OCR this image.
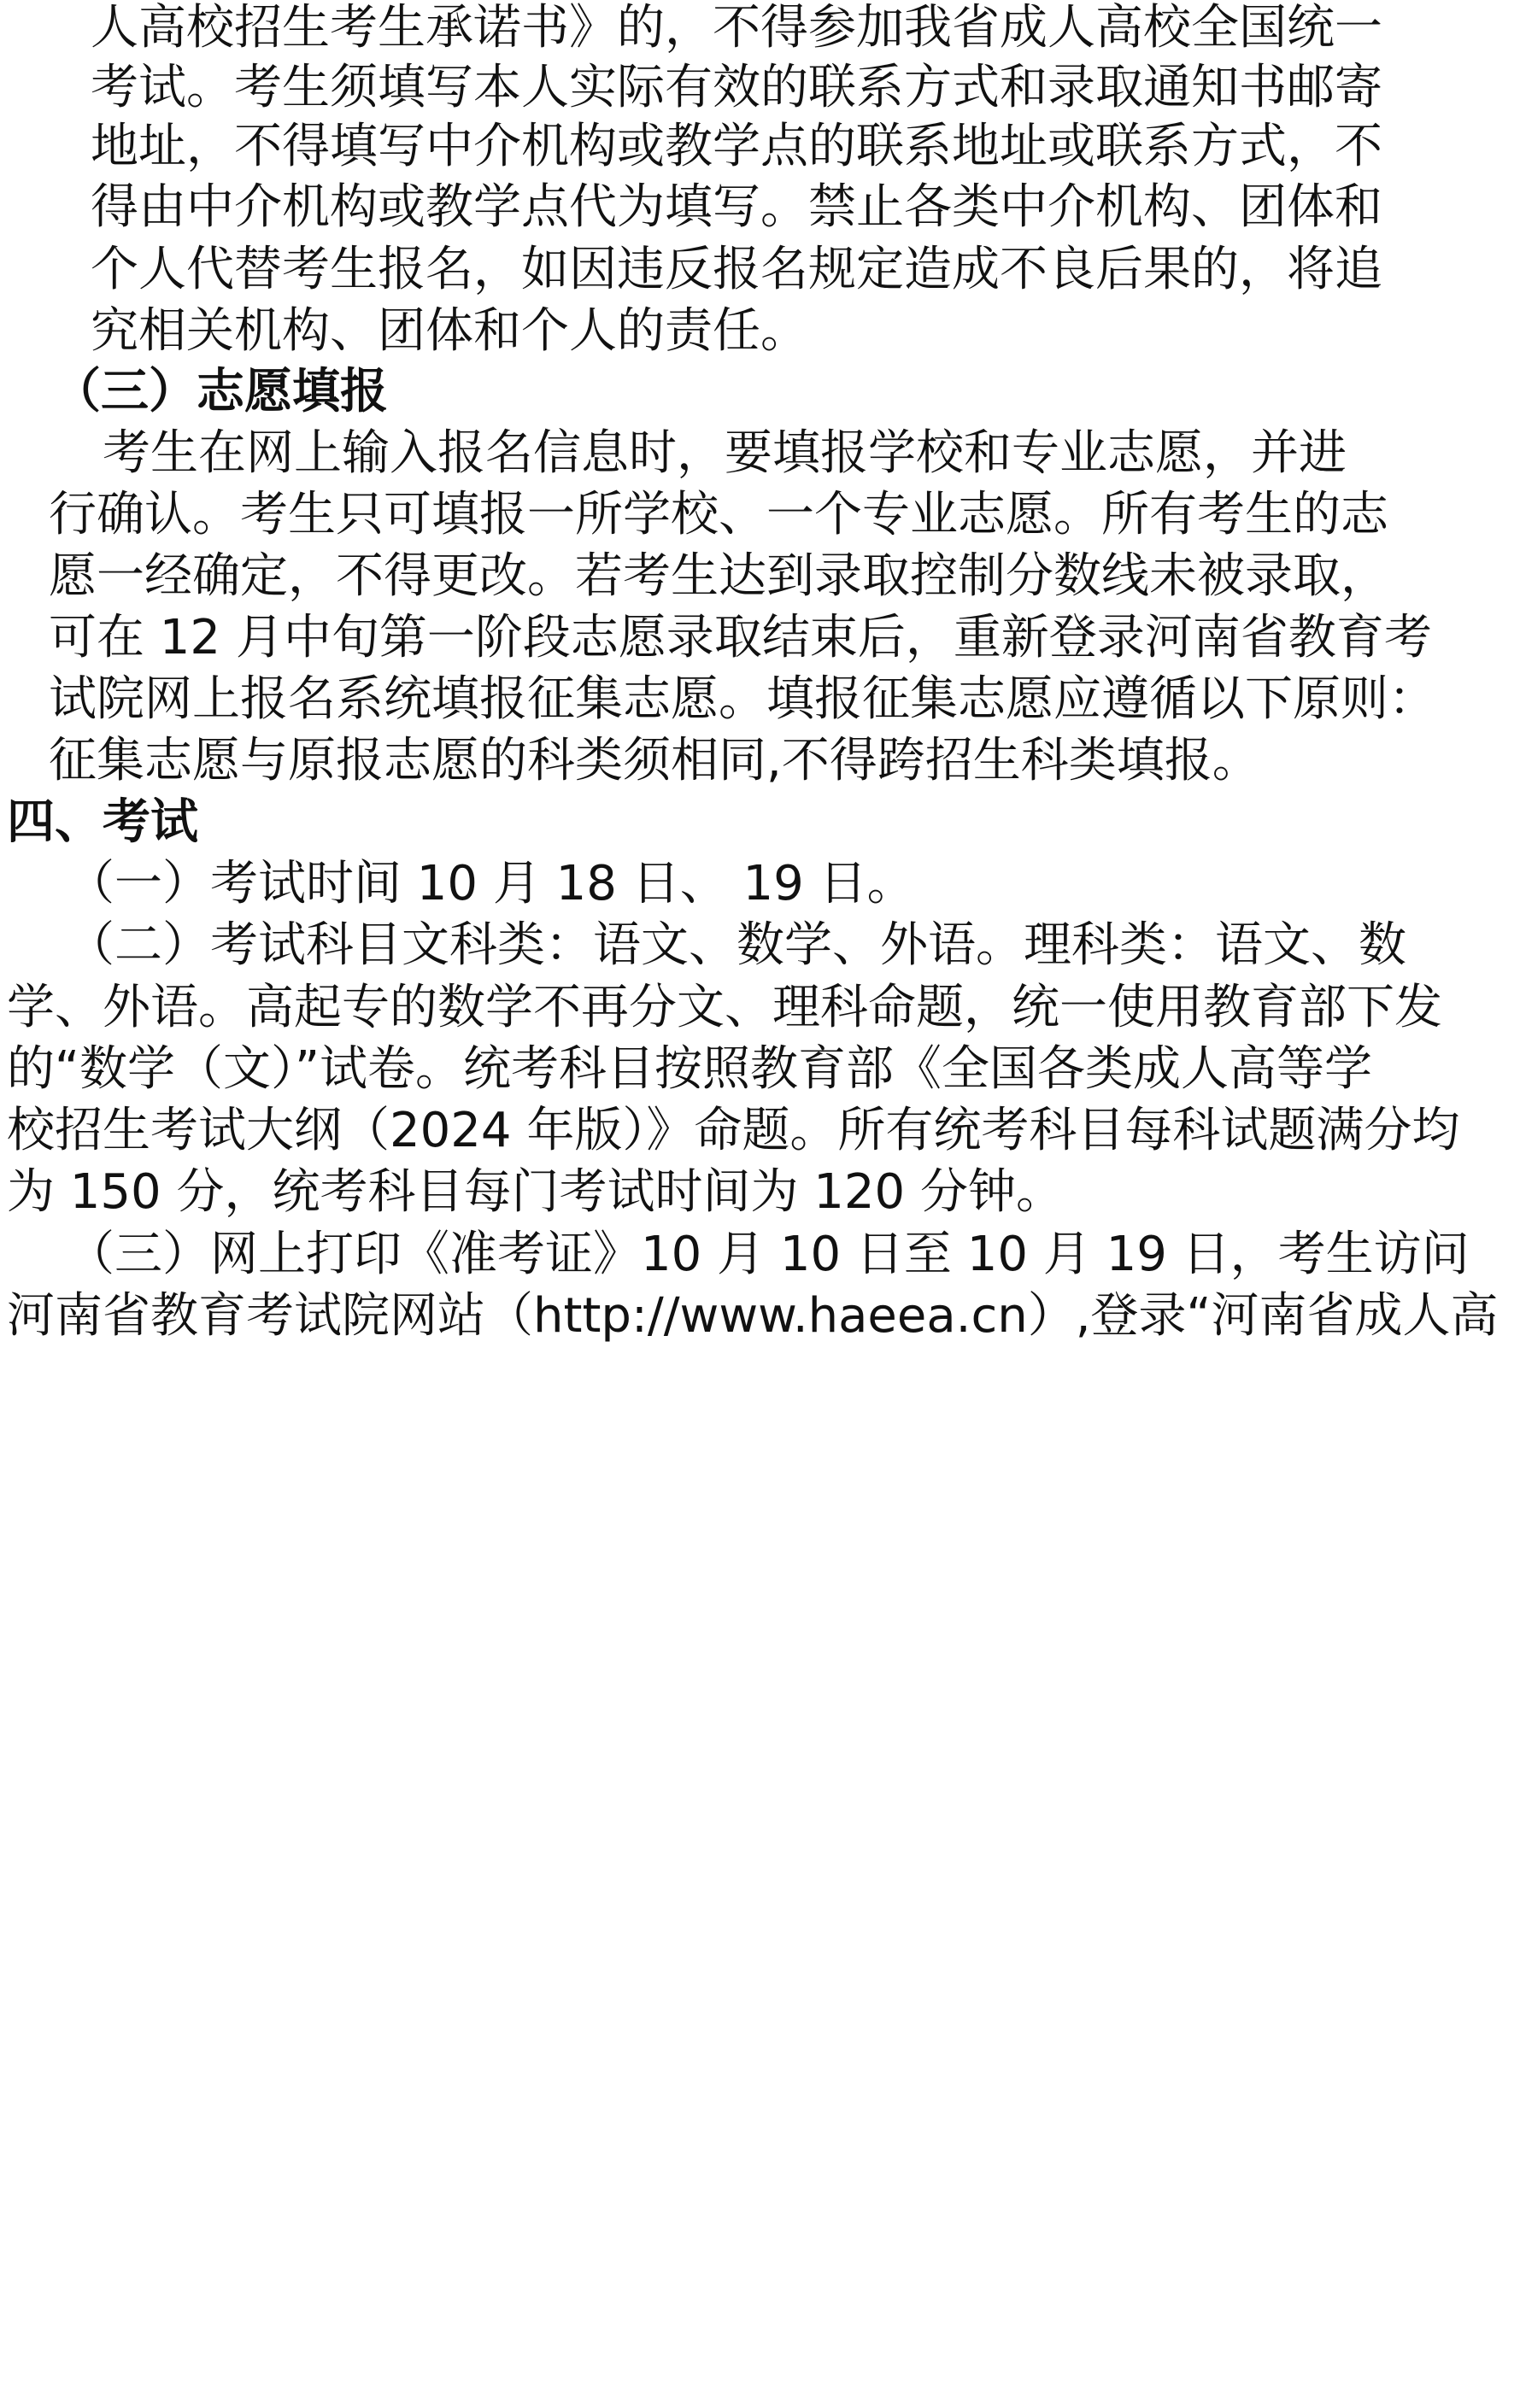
人高校招生考生承诺书》的，不得参加我省成人高校全国统一
考试。考生须填写本人实际有效的联系方式和录取通知书邮寄
地址，不得填写中介机构或教学点的联系地址或联系方式，不
得由中介机构或教学点代为填写。禁止各类中介机构、团体和
个人代替考生报名，如因违反报名规定造成不良后果的，将追
究相关机构、团体和个人的责任。
（三）志愿填报
考生在网上输入报名信息时，要填报学校和专业志愿，并进
行确认。考生只可填报一所学校、一个专业志愿。所有考生的志
愿一经确定，不得更改。若考生达到录取控制分数线未被录取，
可在 12 月中旬第一阶段志愿录取结束后，重新登录河南省教育考
试院网上报名系统填报征集志愿。填报征集志愿应遵循以下原则：
征集志愿与原报志愿的科类须相同,不得跨招生科类填报。
四、考试
（一）考试时间 10 月 18 日、 19 日。
（二）考试科目文科类：语文、数学、外语。理科类：语文、数
学、外语。高起专的数学不再分文、理科命题，统一使用教育部下发
的“数学（文）”试卷。统考科目按照教育部《全国各类成人高等学
校招生考试大纲（2024 年版）》命题。所有统考科目每科试题满分均
为 150 分，统考科目每门考试时间为 120 分钟。
（三）网上打印《准考证》10 月 10 日至 10 月 19 日，考生访问
河南省教育考试院网站（http://www.haeea.cn）,登录“河南省成人高
